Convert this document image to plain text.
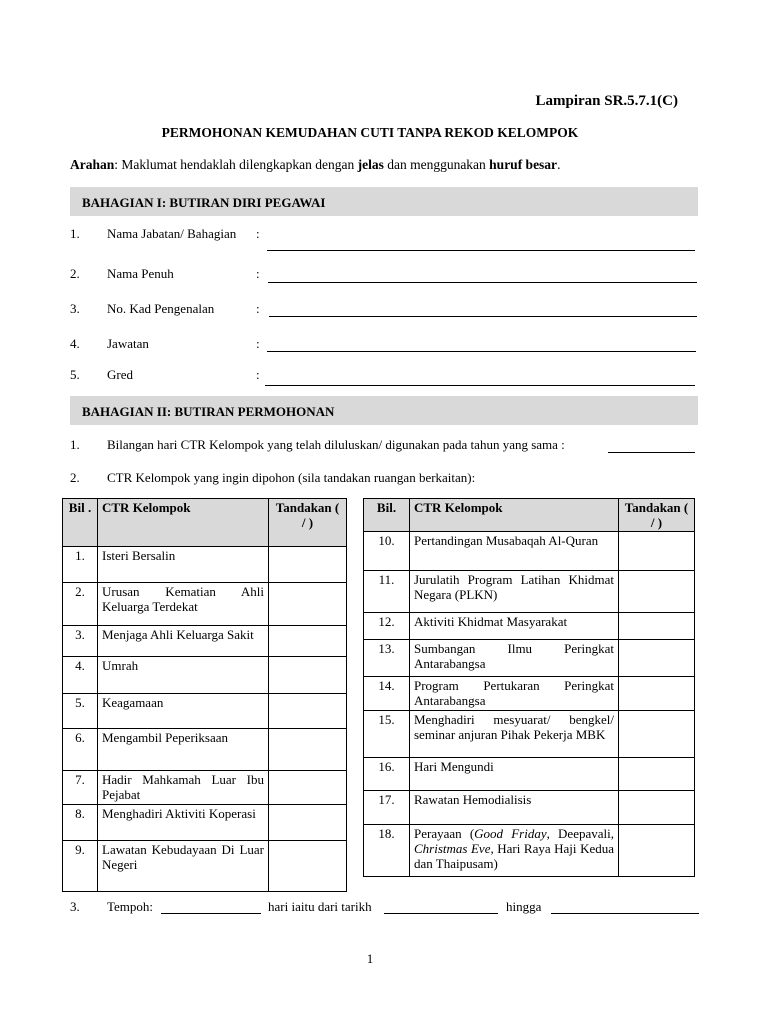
Lampiran SR.5.7.1(C)
PERMOHONAN KEMUDAHAN CUTI TANPA REKOD KELOMPOK
Arahan: Maklumat hendaklah dilengkapkan dengan jelas dan menggunakan huruf besar.
BAHAGIAN I: BUTIRAN DIRI PEGAWAI
1. Nama Jabatan/ Bahagian :
2. Nama Penuh	:
3. No. Kad Pengenalan	:
4. Jawatan	:
5. Gred	:
BAHAGIAN II: BUTIRAN PERMOHONAN
1. Bilangan hari CTR Kelompok yang telah diluluskan/ digunakan pada tahun yang sama :
2. CTR Kelompok yang ingin dipohon (sila tandakan ruangan berkaitan):
Bil .	CTR Kelompok	Tandakan ( / )
1.	Isteri Bersalin	
2.	Urusan Kematian Ahli Keluarga Terdekat	
3.	Menjaga Ahli Keluarga Sakit	
4.	Umrah	
5.	Keagamaan	
6.	Mengambil Peperiksaan	
7.	Hadir Mahkamah Luar Ibu Pejabat	
8.	Menghadiri Aktiviti Koperasi	
9.	Lawatan Kebudayaan Di Luar Negeri	
Bil.	CTR Kelompok	Tandakan ( / )
10.	Pertandingan Musabaqah Al-Quran	
11.	Jurulatih Program Latihan Khidmat Negara (PLKN)	
12.	Aktiviti Khidmat Masyarakat	
13.	Sumbangan Ilmu Peringkat Antarabangsa	
14.	Program Pertukaran Peringkat Antarabangsa	
15.	Menghadiri mesyuarat/ bengkel/ seminar anjuran Pihak Pekerja MBK	
16.	Hari Mengundi	
17.	Rawatan Hemodialisis	
18.	Perayaan (Good Friday, Deepavali, Christmas Eve, Hari Raya Haji Kedua dan Thaipusam)	
3. Tempoh:	hari iaitu dari tarikh	hingga
1
